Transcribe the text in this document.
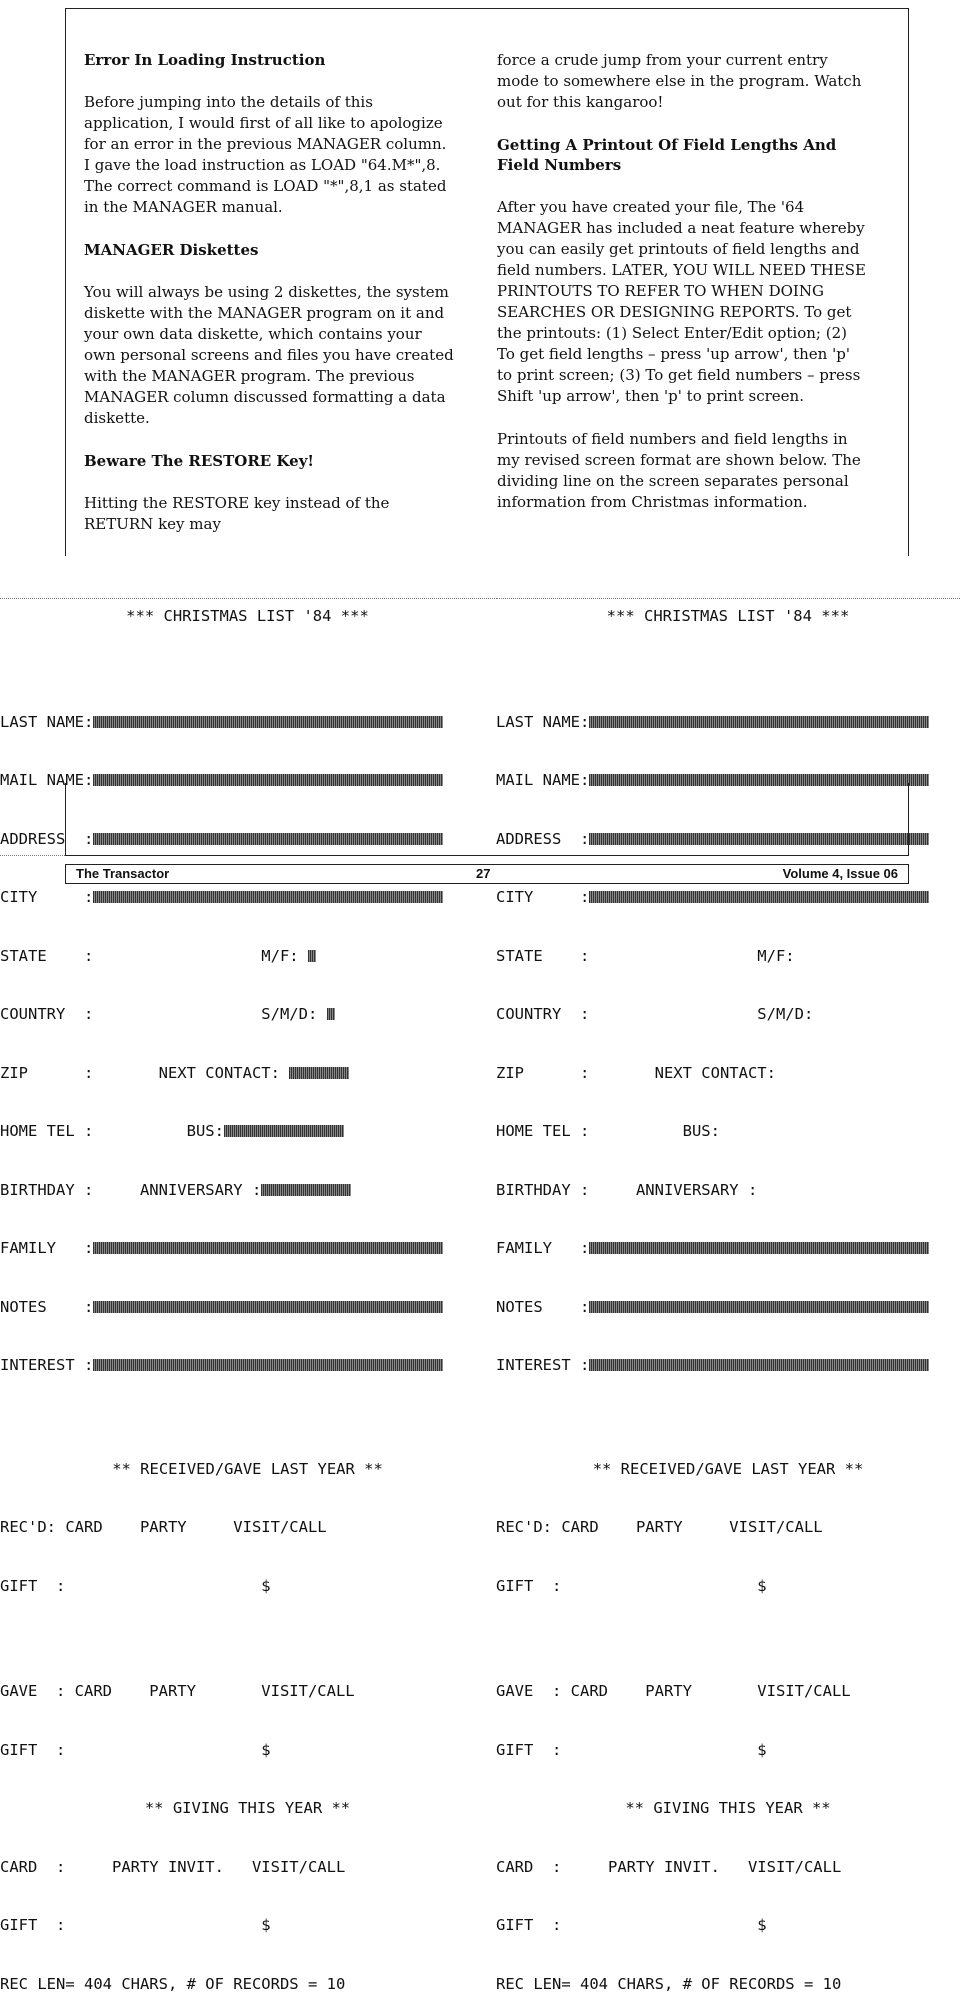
Error In Loading Instruction

Before jumping into the details of this application, I would first of all like to apologize for an error in the previous MANAGER column. I gave the load instruction as LOAD "64.M*",8. The correct command is LOAD "*",8,1 as stated in the MANAGER manual.

MANAGER Diskettes

You will always be using 2 diskettes, the system diskette with the MANAGER program on it and your own data diskette, which contains your own personal screens and files you have created with the MANAGER program. The previous MANAGER column discussed formatting a data diskette.

Beware The RESTORE Key!

Hitting the RESTORE key instead of the RETURN key may

force a crude jump from your current entry mode to somewhere else in the program. Watch out for this kangaroo!

Getting A Printout Of Field Lengths And Field Numbers

After you have created your file, The '64 MANAGER has included a neat feature whereby you can easily get printouts of field lengths and field numbers. LATER, YOU WILL NEED THESE PRINTOUTS TO REFER TO WHEN DOING SEARCHES OR DESIGNING REPORTS. To get the printouts: (1) Select Enter/Edit option; (2) To get field lengths – press 'up arrow', then 'p' to print screen; (3) To get field numbers – press Shift 'up arrow', then 'p' to print screen.

Printouts of field numbers and field lengths in my revised screen format are shown below. The dividing line on the screen separates personal information from Christmas information.

*** CHRISTMAS LIST '84 ***

LAST NAME:

MAIL NAME:

ADDRESS  :

CITY     :

STATE    :                  M/F:

COUNTRY  :                  S/M/D:

ZIP      :       NEXT CONTACT:

HOME TEL :          BUS:

BIRTHDAY :     ANNIVERSARY :

FAMILY   :

NOTES    :

INTEREST :

** RECEIVED/GAVE LAST YEAR **

REC'D: CARD    PARTY     VISIT/CALL

GIFT  :                     $

GAVE  : CARD    PARTY       VISIT/CALL

GIFT  :                     $

** GIVING THIS YEAR **

CARD  :     PARTY INVIT.   VISIT/CALL

GIFT  :                     $

REC LEN= 404 CHARS, # OF RECORDS = 10

*** CHRISTMAS LIST '84 ***

LAST NAME:

MAIL NAME:

ADDRESS  :

CITY     :

STATE    :                  M/F:

COUNTRY  :                  S/M/D:

ZIP      :       NEXT CONTACT:

HOME TEL :          BUS:

BIRTHDAY :     ANNIVERSARY :

FAMILY   :

NOTES    :

INTEREST :

** RECEIVED/GAVE LAST YEAR **

REC'D: CARD    PARTY     VISIT/CALL

GIFT  :                     $

GAVE  : CARD    PARTY       VISIT/CALL

GIFT  :                     $

** GIVING THIS YEAR **

CARD  :     PARTY INVIT.   VISIT/CALL

GIFT  :                     $

REC LEN= 404 CHARS, # OF RECORDS = 10

The Transactor	27	Volume 4, Issue 06
